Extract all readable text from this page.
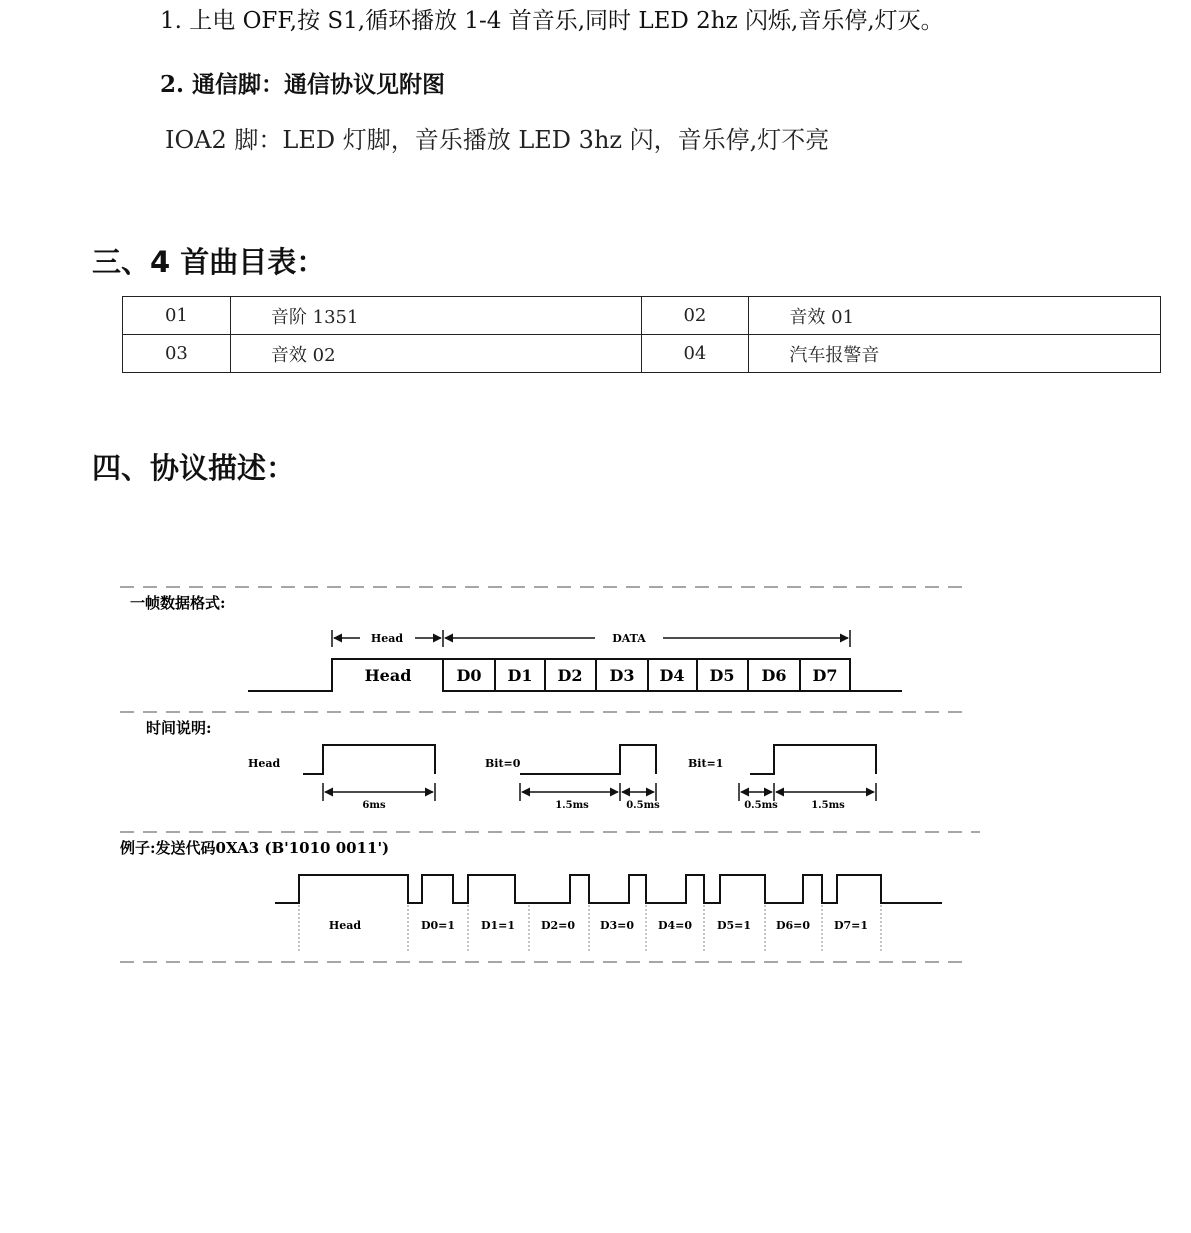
1. 上电 OFF,按 S1,循环播放 1-4 首音乐,同时 LED 2hz 闪烁,音乐停,灯灭。
2. 通信脚：通信协议见附图
IOA2 脚：LED 灯脚，音乐播放 LED 3hz 闪，音乐停,灯不亮
三、4 首曲目表：
01	音阶 1351	02	音效 01
03	音效 02	04	汽车报警音
四、协议描述：
一帧数据格式:
Head	DATA
Head	D0 D1 D2 D3 D4 D5 D6 D7
时间说明:
Head	Bit=0	Bit=1
6ms	1.5ms	0.5ms	0.5ms	1.5ms
例子:发送代码0XA3 (B'1010 0011')
Head	D0=1 D1=1 D2=0 D3=0 D4=0 D5=1 D6=0 D7=1
